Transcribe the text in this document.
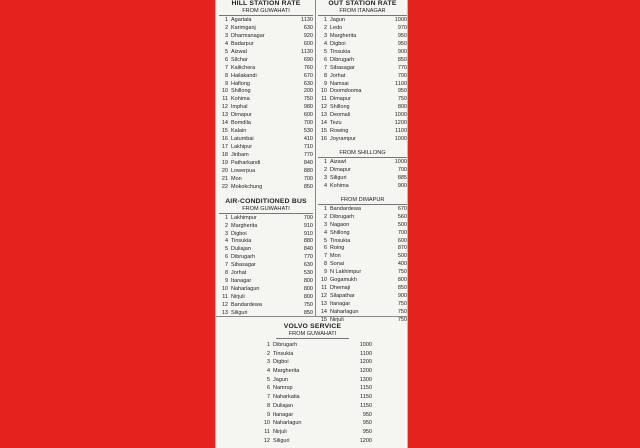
HILL STATION RATE
FROM GUWAHATI
1 Agartala	1130
2 Karimganj	630
3 Dharmanagar	920
4 Badarpur	600
5 Aizwal	1130
6 Silchar	690
7 Kailichera	760
8 Hailakandi	670
9 Haflong	630
10 Shillong	200
11 Kohima	750
12 Imphal	980
13 Dimapur	600
14 Bomdila	700
15 Kalain	530
16 Latumbai	410
17 Lakhipur	710
18 Jiribam	770
19 Patharkandi	840
20 Lowerpua	880
21 Mon	700
22 Mokokchung	850
AIR-CONDITIONED BUS
FROM GUWAHATI
1 Lakhimpur	700
2 Margherita	910
3 Digboi	910
4 Tinsukia	880
5 Duliajan	840
6 Dibrugarh	770
7 Sibasagar	630
8 Jorhat	530
9 Itanagar	800
10 Naharlagun	800
11 Nirjuli	800
12 Bandardewa	750
13 Siliguri	850
OUT STATION RATE
FROM ITANAGAR
1 Jagun	1000
2 Ledo	970
3 Margherita	950
4 Digboi	950
5 Tinsukia	900
6 Dibrugarh	850
7 Sibasagar	770
8 Jorhat	700
9 Namsai	1100
10 Doomdooma	950
11 Dimapur	750
12 Shillong	800
13 Deomali	1000
14 Tezu	1200
15 Rowing	1100
16 Joyrampur	1000
FROM SHILLONG
1 Aizawl	1000
2 Dimapur	700
3 Siliguri	885
4 Kohima	900
FROM DIMAPUR
1 Bandardewa	670
2 Dibrugarh	560
3 Nagaon	500
4 Shillong	700
5 Tinsukia	600
6 Roing	870
7 Mon	500
8 Sonai	400
9 N Lakhimpur	750
10 Gogamukh	800
11 Dhemaji	850
12 Silapathar	900
13 Itanagar	750
14 Naharlagun	750
15 Nirjuli	750
VOLVO SERVICE
FROM GUWAHATI
1 Dibrugarh	1000
2 Tinsukia	1100
3 Digboi	1200
4 Margherita	1200
5 Jagun	1300
6 Namrup	1150
7 Naharkatia	1150
8 Duliajan	1150
9 Itanagar	950
10 Naharlagun	950
11 Nirjuli	950
12 Siliguri	1200
